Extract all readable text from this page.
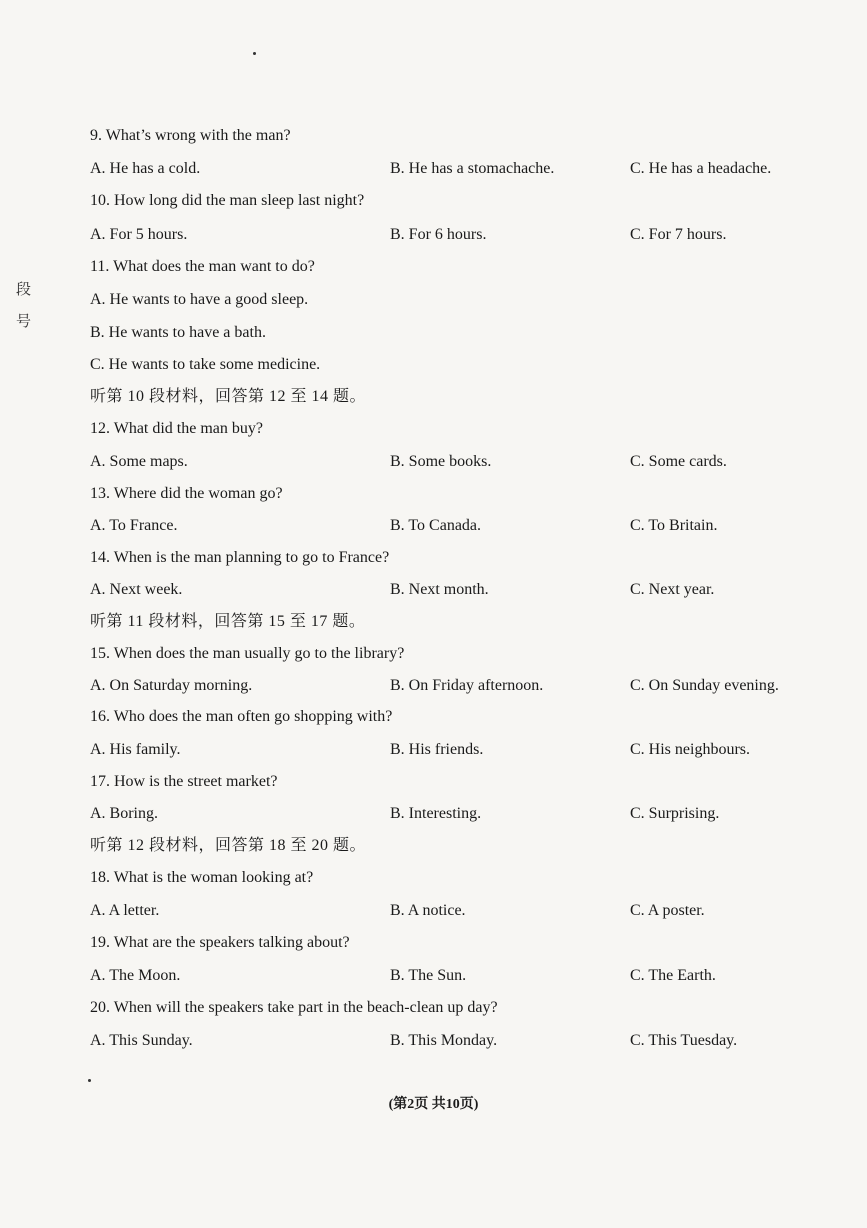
段
号
9. What’s wrong with the man?
A. He has a cold.	B. He has a stomachache.	C. He has a headache.
10. How long did the man sleep last night?
A. For 5 hours.	B. For 6 hours.	C. For 7 hours.
11. What does the man want to do?
A. He wants to have a good sleep.
B. He wants to have a bath.
C. He wants to take some medicine.
听第 10 段材料，回答第 12 至 14 题。
12. What did the man buy?
A. Some maps.	B. Some books.	C. Some cards.
13. Where did the woman go?
A. To France.	B. To Canada.	C. To Britain.
14. When is the man planning to go to France?
A. Next week.	B. Next month.	C. Next year.
听第 11 段材料，回答第 15 至 17 题。
15. When does the man usually go to the library?
A. On Saturday morning.	B. On Friday afternoon.	C. On Sunday evening.
16. Who does the man often go shopping with?
A. His family.	B. His friends.	C. His neighbours.
17. How is the street market?
A. Boring.	B. Interesting.	C. Surprising.
听第 12 段材料，回答第 18 至 20 题。
18. What is the woman looking at?
A. A letter.	B. A notice.	C. A poster.
19. What are the speakers talking about?
A. The Moon.	B. The Sun.	C. The Earth.
20. When will the speakers take part in the beach-clean up day?
A. This Sunday.	B. This Monday.	C. This Tuesday.
(第2页 共10页)
